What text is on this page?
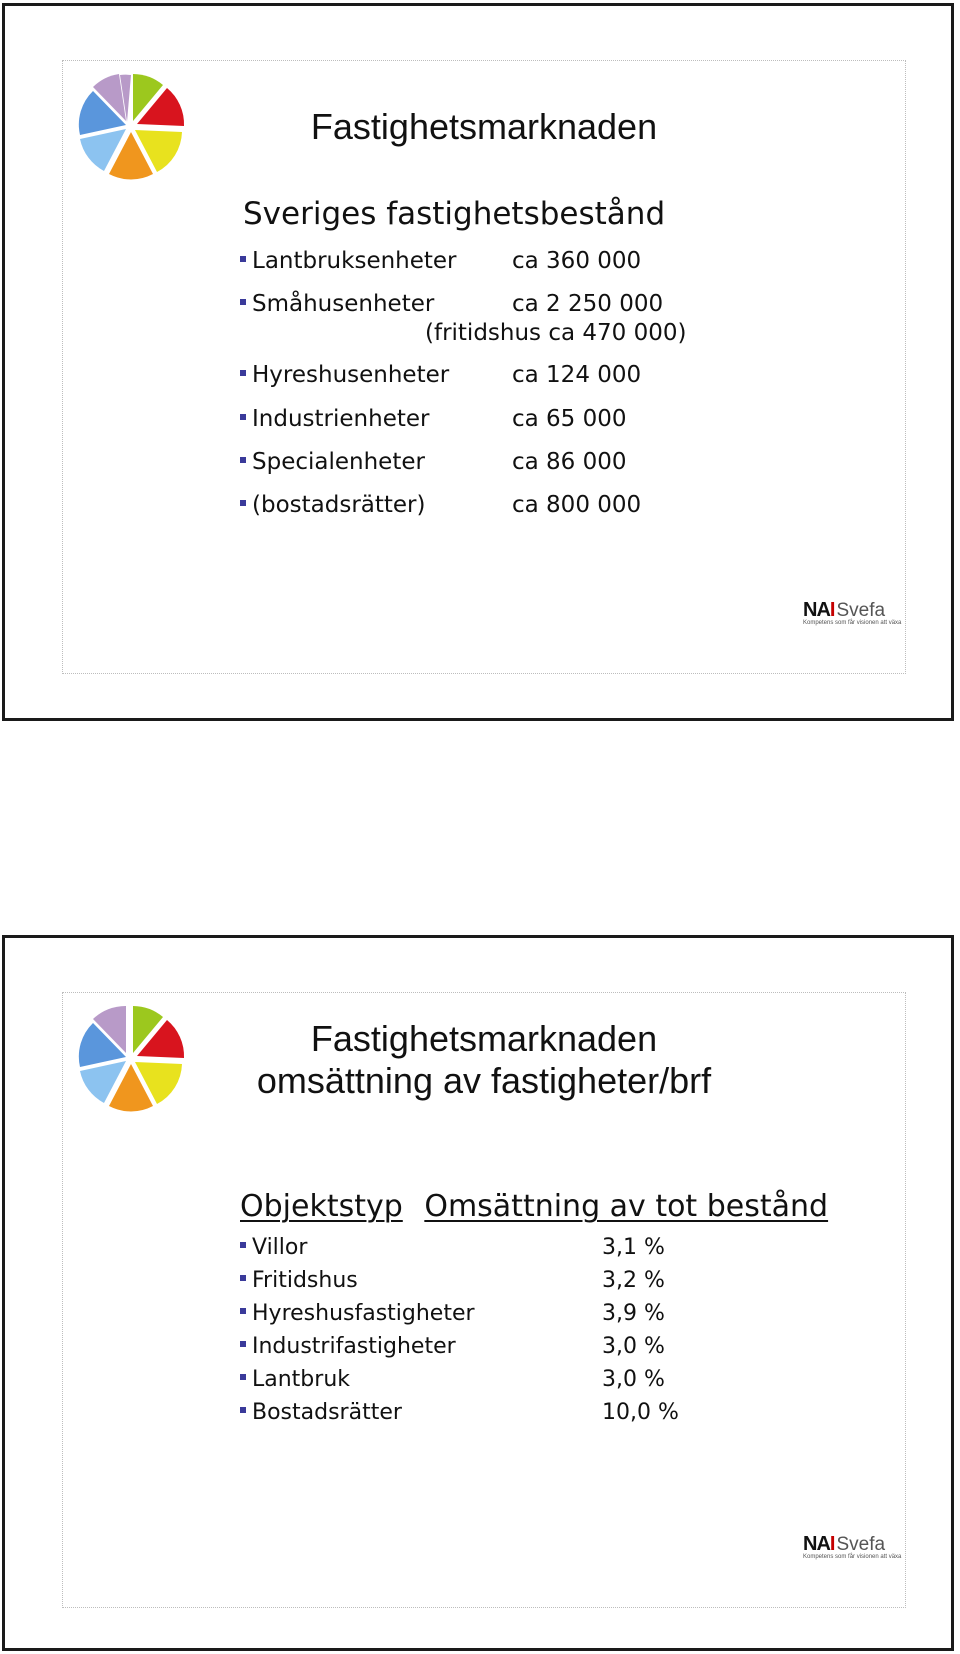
Fastighetsmarknaden
Sveriges fastighetsbestånd
Lantbruksenheter ca 360 000
Småhusenheter	ca 2 250 000
(fritidshus ca 470 000)
Hyreshusenheter	ca 124 000
Industrienheter	ca 65 000
Specialenheter	ca 86 000
(bostadsrätter)	ca 800 000
NAI Svefa
Kompetens som får visionen att växa
Fastighetsmarknaden
omsättning av fastigheter/brf
Objektstyp Omsättning av tot bestånd
Villor	3,1 %
Fritidshus	3,2 %
Hyreshusfastigheter	3,9 %
Industrifastigheter	3,0 %
Lantbruk	3,0 %
Bostadsrätter	10,0 %
NAI Svefa
Kompetens som får visionen att växa
